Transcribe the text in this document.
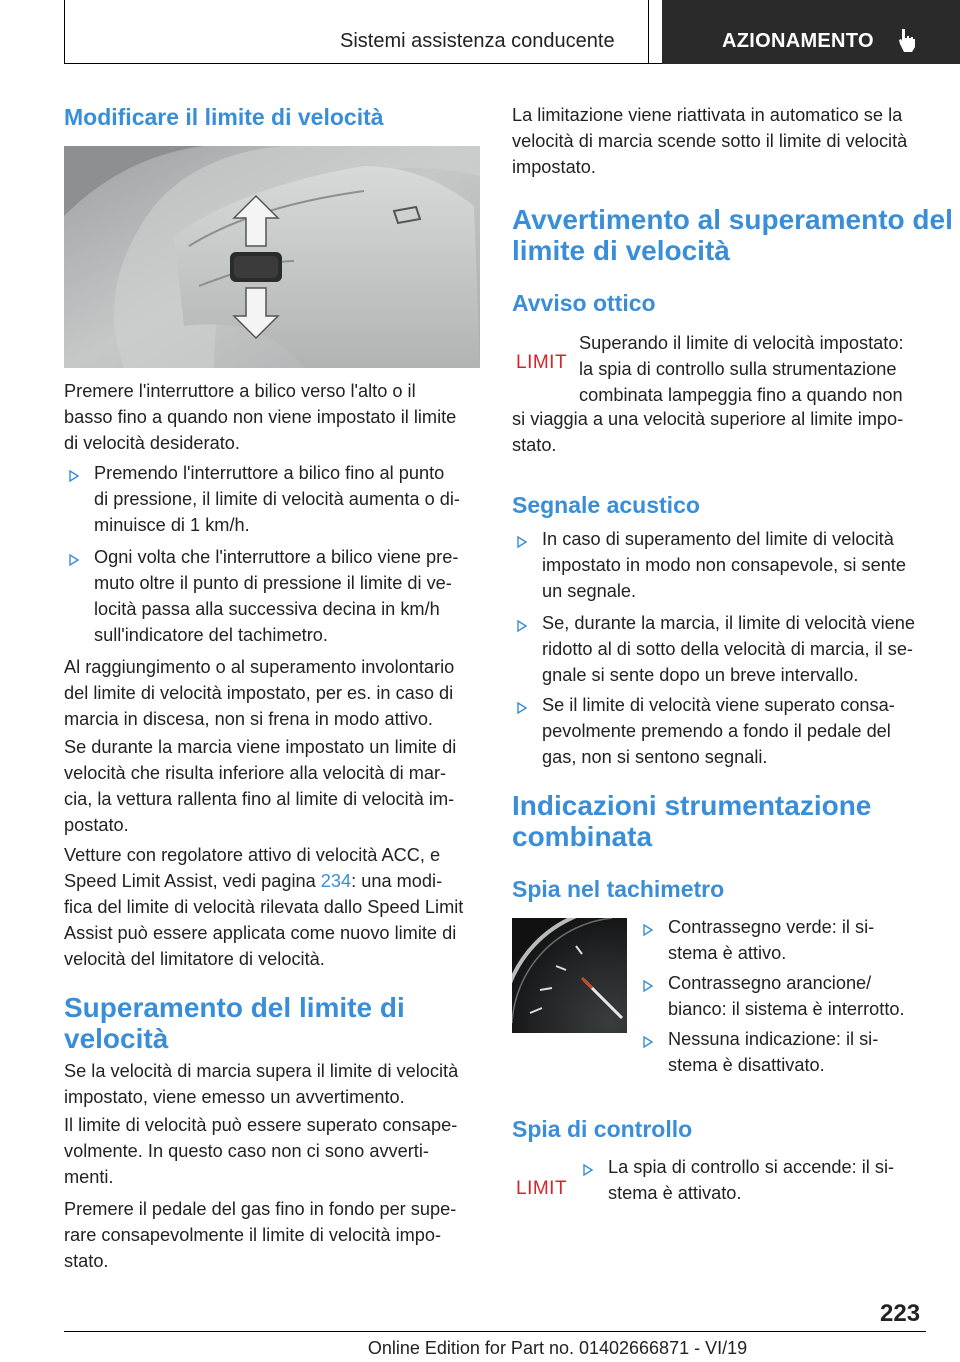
Sistemi assistenza conducente	AZIONAMENTO
Modificare il limite di velocità
Premere l'interruttore a bilico verso l'alto o il
basso fino a quando non viene impostato il limite
di velocità desiderato.
Premendo l'interruttore a bilico fino al punto
di pressione, il limite di velocità aumenta o di-
minuisce di 1 km/h.
Ogni volta che l'interruttore a bilico viene pre-
muto oltre il punto di pressione il limite di ve-
locità passa alla successiva decina in km/h
sull'indicatore del tachimetro.
Al raggiungimento o al superamento involontario
del limite di velocità impostato, per es. in caso di
marcia in discesa, non si frena in modo attivo.
Se durante la marcia viene impostato un limite di
velocità che risulta inferiore alla velocità di mar-
cia, la vettura rallenta fino al limite di velocità im-
postato.
Vetture con regolatore attivo di velocità ACC, e
Speed Limit Assist, vedi pagina 234: una modi-
fica del limite di velocità rilevata dallo Speed Limit
Assist può essere applicata come nuovo limite di
velocità del limitatore di velocità.
Superamento del limite di
velocità
Se la velocità di marcia supera il limite di velocità
impostato, viene emesso un avvertimento.
Il limite di velocità può essere superato consape-
volmente. In questo caso non ci sono avverti-
menti.
Premere il pedale del gas fino in fondo per supe-
rare consapevolmente il limite di velocità impo-
stato.
La limitazione viene riattivata in automatico se la
velocità di marcia scende sotto il limite di velocità
impostato.
Avvertimento al superamento del
limite di velocità
Avviso ottico
LIMIT
Superando il limite di velocità impostato:
la spia di controllo sulla strumentazione
combinata lampeggia fino a quando non
si viaggia a una velocità superiore al limite impo-
stato.
Segnale acustico
In caso di superamento del limite di velocità
impostato in modo non consapevole, si sente
un segnale.
Se, durante la marcia, il limite di velocità viene
ridotto al di sotto della velocità di marcia, il se-
gnale si sente dopo un breve intervallo.
Se il limite di velocità viene superato consa-
pevolmente premendo a fondo il pedale del
gas, non si sentono segnali.
Indicazioni strumentazione
combinata
Spia nel tachimetro
Contrassegno verde: il si-
stema è attivo.
Contrassegno arancione/
bianco: il sistema è interrotto.
Nessuna indicazione: il si-
stema è disattivato.
Spia di controllo
LIMIT
La spia di controllo si accende: il si-
stema è attivato.
223
Online Edition for Part no. 01402666871 - VI/19
